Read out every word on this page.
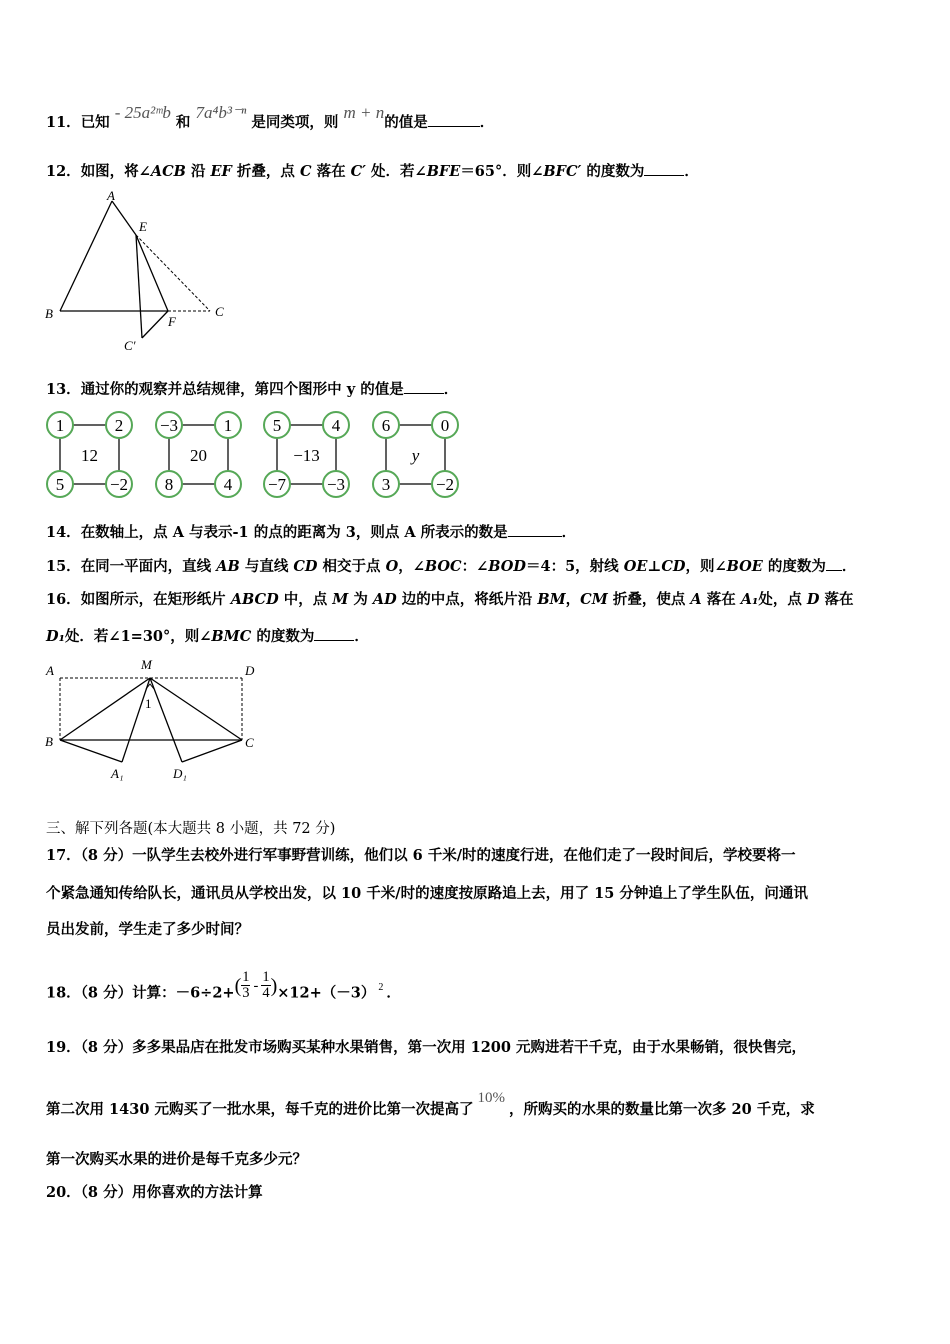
11．已知 - 25a²ᵐb 和 7a⁴b³⁻ⁿ 是同类项，则 m + n的值是	．
12．如图，将∠ACB 沿 EF 折叠，点 C 落在 C′ 处．若∠BFE＝65°．则∠BFC′ 的度数为	．
A
E
B
F
C
C′
13．通过你的观察并总结规律，第四个图形中 y 的值是	．
1	2
5	−2
12
−3	1
8	4
20
5	4
−7 −3
−13
6	0
3	−2
y
14．在数轴上，点 A 与表示-1 的点的距离为 3，则点 A 所表示的数是	．
15．在同一平面内，直线 AB 与直线 CD 相交于点 O，∠BOC：∠BOD＝4：5，射线 OE⊥CD，则∠BOE 的度数为 ．
16．如图所示，在矩形纸片 ABCD 中，点 M 为 AD 边的中点，将纸片沿 BM，CM 折叠，使点 A 落在 A₁处，点 D 落在
D₁处．若∠1=30°，则∠BMC 的度数为	．
A	M	D
1
B	C
A₁	D₁
三、解下列各题(本大题共 8 小题，共 72 分)
17．（8 分）一队学生去校外进行军事野营训练，他们以 6 千米/时的速度行进，在他们走了一段时间后，学校要将一
个紧急通知传给队长，通讯员从学校出发，以 10 千米/时的速度按原路追上去，用了 15 分钟追上了学生队伍，问通讯
员出发前，学生走了多少时间？
18．（8 分）计算：$-6\div 2+( \frac{1}{3} - \frac{1}{4} )\times 12+(-3)$ $^2$ ．
19．（8 分）多多果品店在批发市场购买某种水果销售，第一次用 1200 元购进若干千克，由于水果畅销，很快售完，
第二次用 1430 元购买了一批水果，每千克的进价比第一次提高了10%，所购买的水果的数量比第一次多 20 千克，求
第一次购买水果的进价是每千克多少元？
20．（8 分）用你喜欢的方法计算
